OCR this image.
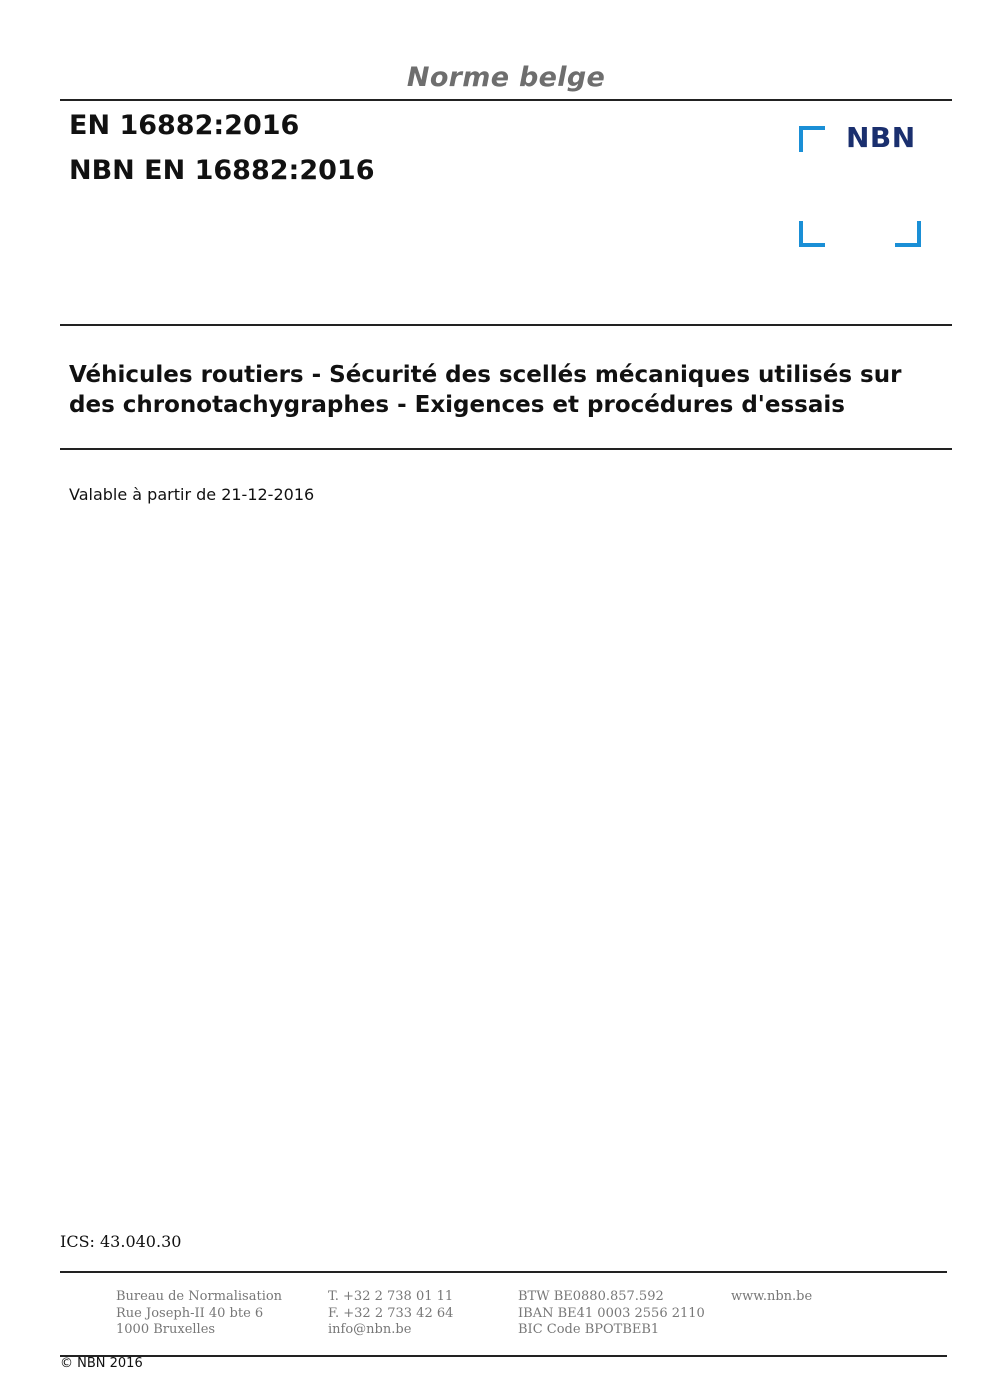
Norme belge
EN 16882:2016
NBN EN 16882:2016
NBN
Véhicules routiers - Sécurité des scellés mécaniques utilisés sur
des chronotachygraphes - Exigences et procédures d'essais
Valable à partir de 21-12-2016
ICS: 43.040.30
Bureau de Normalisation
Rue Joseph-II 40 bte 6
1000 Bruxelles
T. +32 2 738 01 11
F. +32 2 733 42 64
info@nbn.be
BTW BE0880.857.592
IBAN BE41 0003 2556 2110
BIC Code BPOTBEB1
www.nbn.be
© NBN 2016
